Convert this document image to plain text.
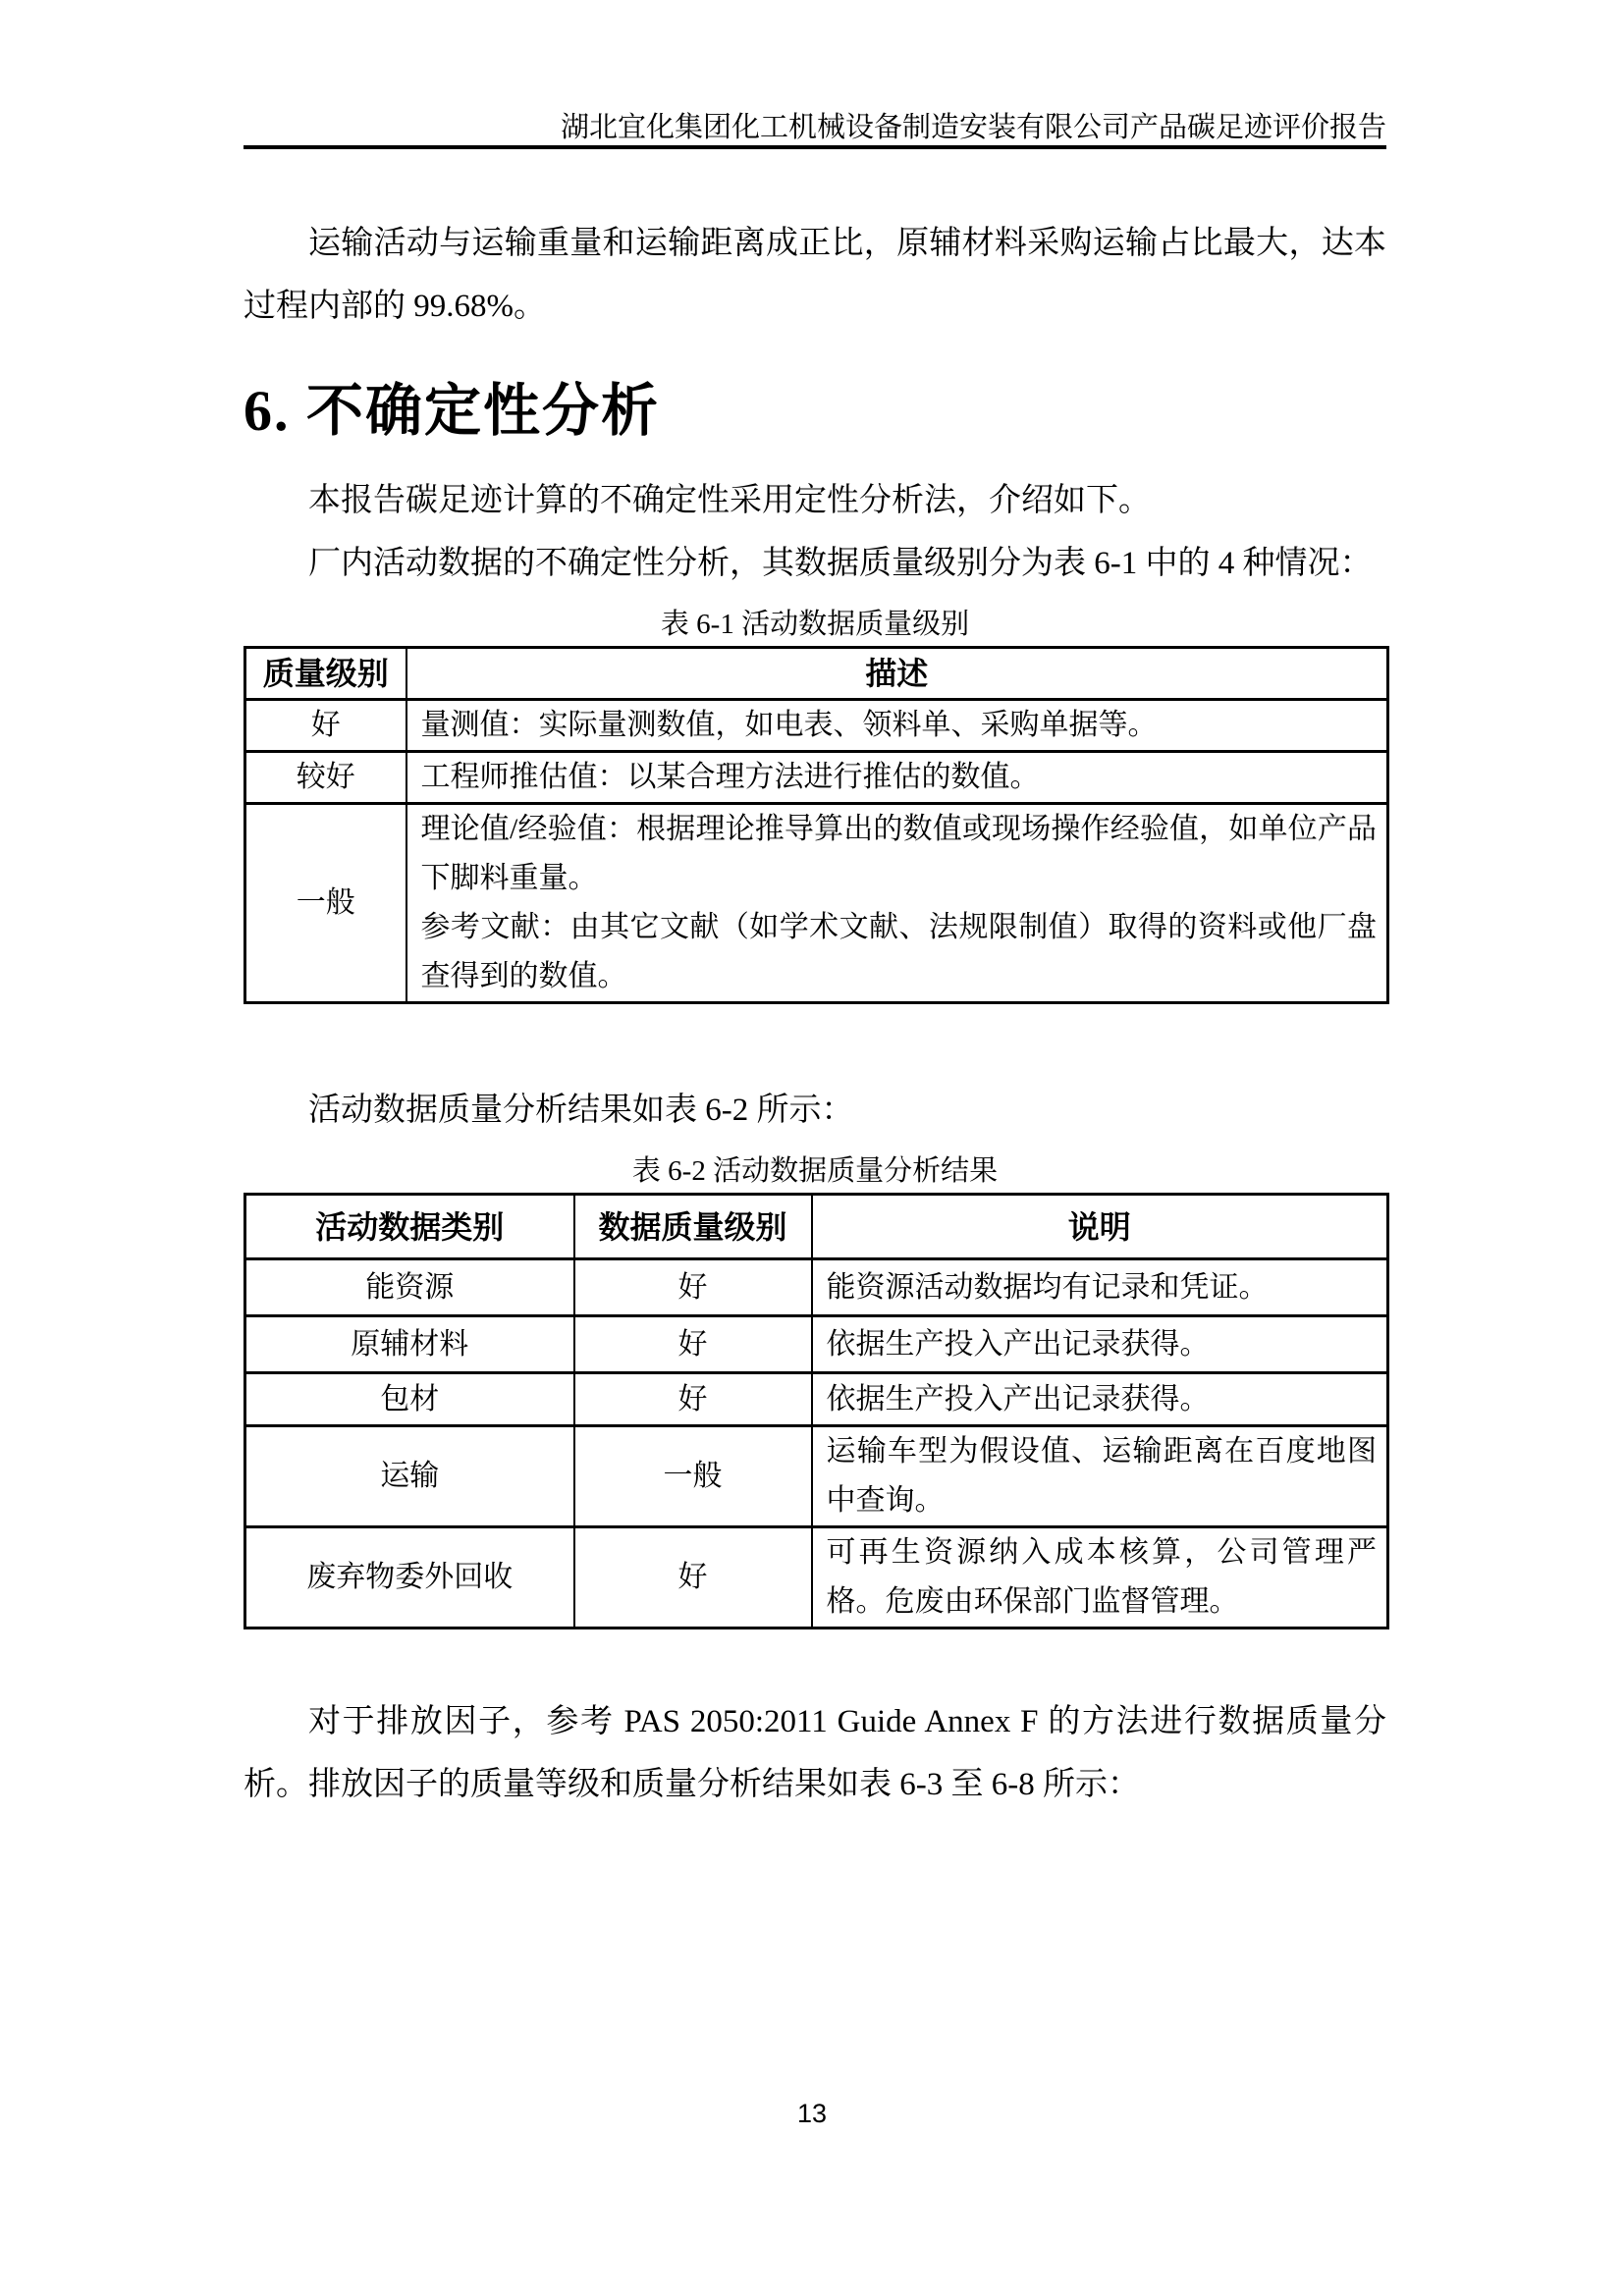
湖北宜化集团化工机械设备制造安装有限公司产品碳足迹评价报告

运输活动与运输重量和运输距离成正比，原辅材料采购运输占比最大，达本过程内部的 99.68%。

6. 不确定性分析

本报告碳足迹计算的不确定性采用定性分析法，介绍如下。

厂内活动数据的不确定性分析，其数据质量级别分为表 6-1 中的 4 种情况：

表 6-1 活动数据质量级别
质量级别	描述
好	量测值：实际量测数值，如电表、领料单、采购单据等。
较好	工程师推估值：以某合理方法进行推估的数值。
一般	理论值/经验值：根据理论推导算出的数值或现场操作经验值，如单位产品下脚料重量。
参考文献：由其它文献（如学术文献、法规限制值）取得的资料或他厂盘查得到的数值。

活动数据质量分析结果如表 6-2 所示：

表 6-2 活动数据质量分析结果
活动数据类别	数据质量级别	说明
能资源	好	能资源活动数据均有记录和凭证。
原辅材料	好	依据生产投入产出记录获得。
包材	好	依据生产投入产出记录获得。
运输	一般	运输车型为假设值、运输距离在百度地图中查询。
废弃物委外回收	好	可再生资源纳入成本核算，公司管理严格。危废由环保部门监督管理。

对于排放因子，参考 PAS 2050:2011 Guide Annex F 的方法进行数据质量分析。排放因子的质量等级和质量分析结果如表 6-3 至 6-8 所示：

13
